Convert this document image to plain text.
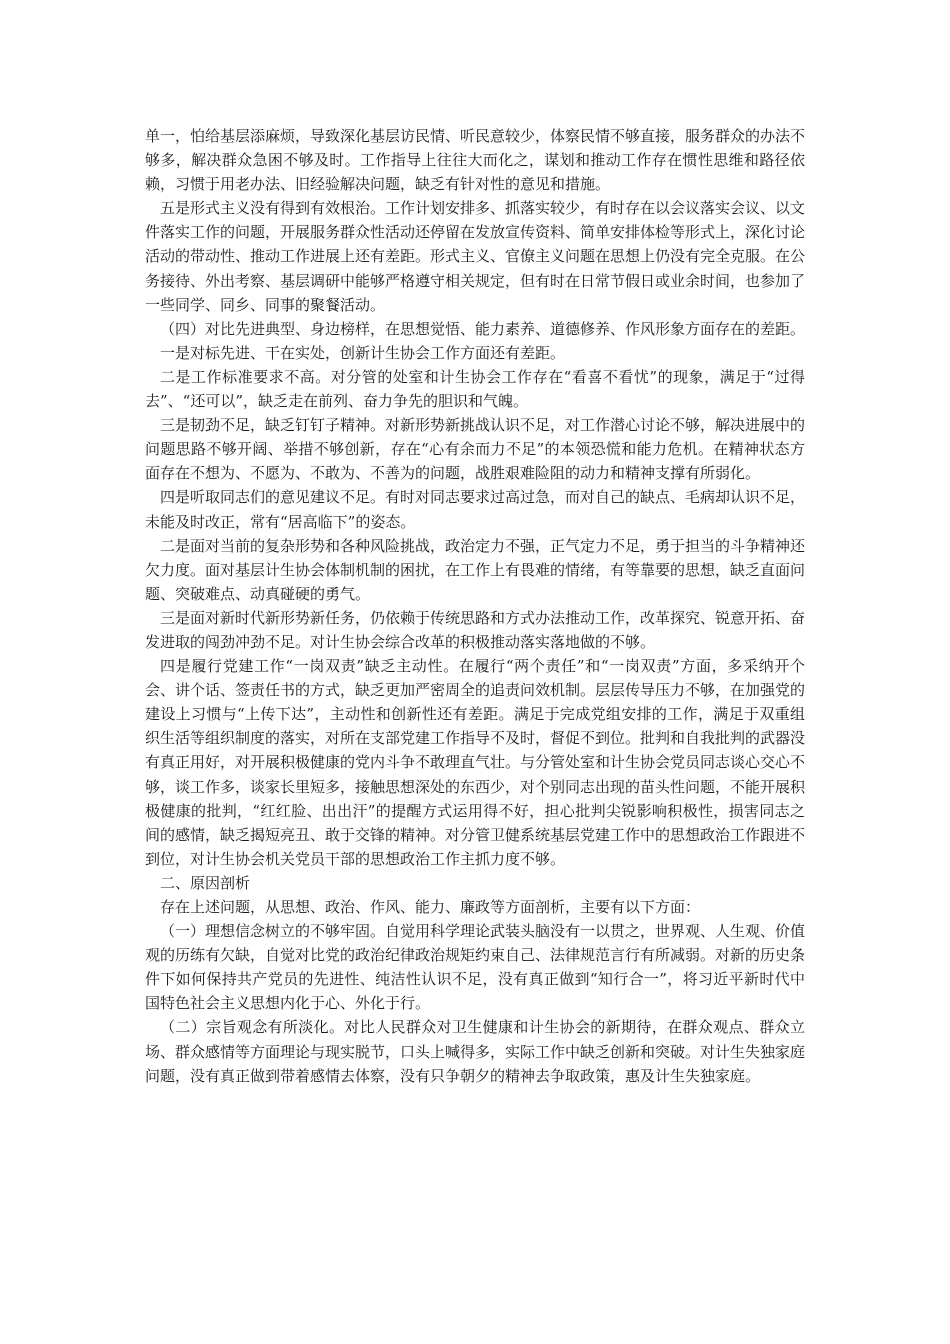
单一，怕给基层添麻烦，导致深化基层访民情、听民意较少，体察民情不够直接，服务群众的办法不够多，解决群众急困不够及时。工作指导上往往大而化之，谋划和推动工作存在惯性思维和路径依赖，习惯于用老办法、旧经验解决问题，缺乏有针对性的意见和措施。

五是形式主义没有得到有效根治。工作计划安排多、抓落实较少，有时存在以会议落实会议、以文件落实工作的问题，开展服务群众性活动还停留在发放宣传资料、简单安排体检等形式上，深化讨论活动的带动性、推动工作进展上还有差距。形式主义、官僚主义问题在思想上仍没有完全克服。在公务接待、外出考察、基层调研中能够严格遵守相关规定，但有时在日常节假日或业余时间，也参加了一些同学、同乡、同事的聚餐活动。

（四）对比先进典型、身边榜样，在思想觉悟、能力素养、道德修养、作风形象方面存在的差距。

一是对标先进、干在实处，创新计生协会工作方面还有差距。

二是工作标准要求不高。对分管的处室和计生协会工作存在“看喜不看忧”的现象，满足于“过得去”、“还可以”，缺乏走在前列、奋力争先的胆识和气魄。

三是韧劲不足，缺乏钉钉子精神。对新形势新挑战认识不足，对工作潜心讨论不够，解决进展中的问题思路不够开阔、举措不够创新，存在“心有余而力不足”的本领恐慌和能力危机。在精神状态方面存在不想为、不愿为、不敢为、不善为的问题，战胜艰难险阻的动力和精神支撑有所弱化。

四是听取同志们的意见建议不足。有时对同志要求过高过急，而对自己的缺点、毛病却认识不足，未能及时改正，常有“居高临下”的姿态。

二是面对当前的复杂形势和各种风险挑战，政治定力不强，正气定力不足，勇于担当的斗争精神还欠力度。面对基层计生协会体制机制的困扰，在工作上有畏难的情绪，有等靠要的思想，缺乏直面问题、突破难点、动真碰硬的勇气。

三是面对新时代新形势新任务，仍依赖于传统思路和方式办法推动工作，改革探究、锐意开拓、奋发进取的闯劲冲劲不足。对计生协会综合改革的积极推动落实落地做的不够。

四是履行党建工作“一岗双责”缺乏主动性。在履行“两个责任”和“一岗双责”方面，多采纳开个会、讲个话、签责任书的方式，缺乏更加严密周全的追责问效机制。层层传导压力不够，在加强党的建设上习惯与“上传下达”，主动性和创新性还有差距。满足于完成党组安排的工作，满足于双重组织生活等组织制度的落实，对所在支部党建工作指导不及时，督促不到位。批判和自我批判的武器没有真正用好，对开展积极健康的党内斗争不敢理直气壮。与分管处室和计生协会党员同志谈心交心不够，谈工作多，谈家长里短多，接触思想深处的东西少，对个别同志出现的苗头性问题，不能开展积极健康的批判，“红红脸、出出汗”的提醒方式运用得不好，担心批判尖锐影响积极性，损害同志之间的感情，缺乏揭短亮丑、敢于交锋的精神。对分管卫健系统基层党建工作中的思想政治工作跟进不到位，对计生协会机关党员干部的思想政治工作主抓力度不够。

二、原因剖析

存在上述问题，从思想、政治、作风、能力、廉政等方面剖析，主要有以下方面：

（一）理想信念树立的不够牢固。自觉用科学理论武装头脑没有一以贯之，世界观、人生观、价值观的历练有欠缺，自觉对比党的政治纪律政治规矩约束自己、法律规范言行有所减弱。对新的历史条件下如何保持共产党员的先进性、纯洁性认识不足，没有真正做到“知行合一”，将习近平新时代中国特色社会主义思想内化于心、外化于行。

（二）宗旨观念有所淡化。对比人民群众对卫生健康和计生协会的新期待，在群众观点、群众立场、群众感情等方面理论与现实脱节，口头上喊得多，实际工作中缺乏创新和突破。对计生失独家庭问题，没有真正做到带着感情去体察，没有只争朝夕的精神去争取政策，惠及计生失独家庭。
